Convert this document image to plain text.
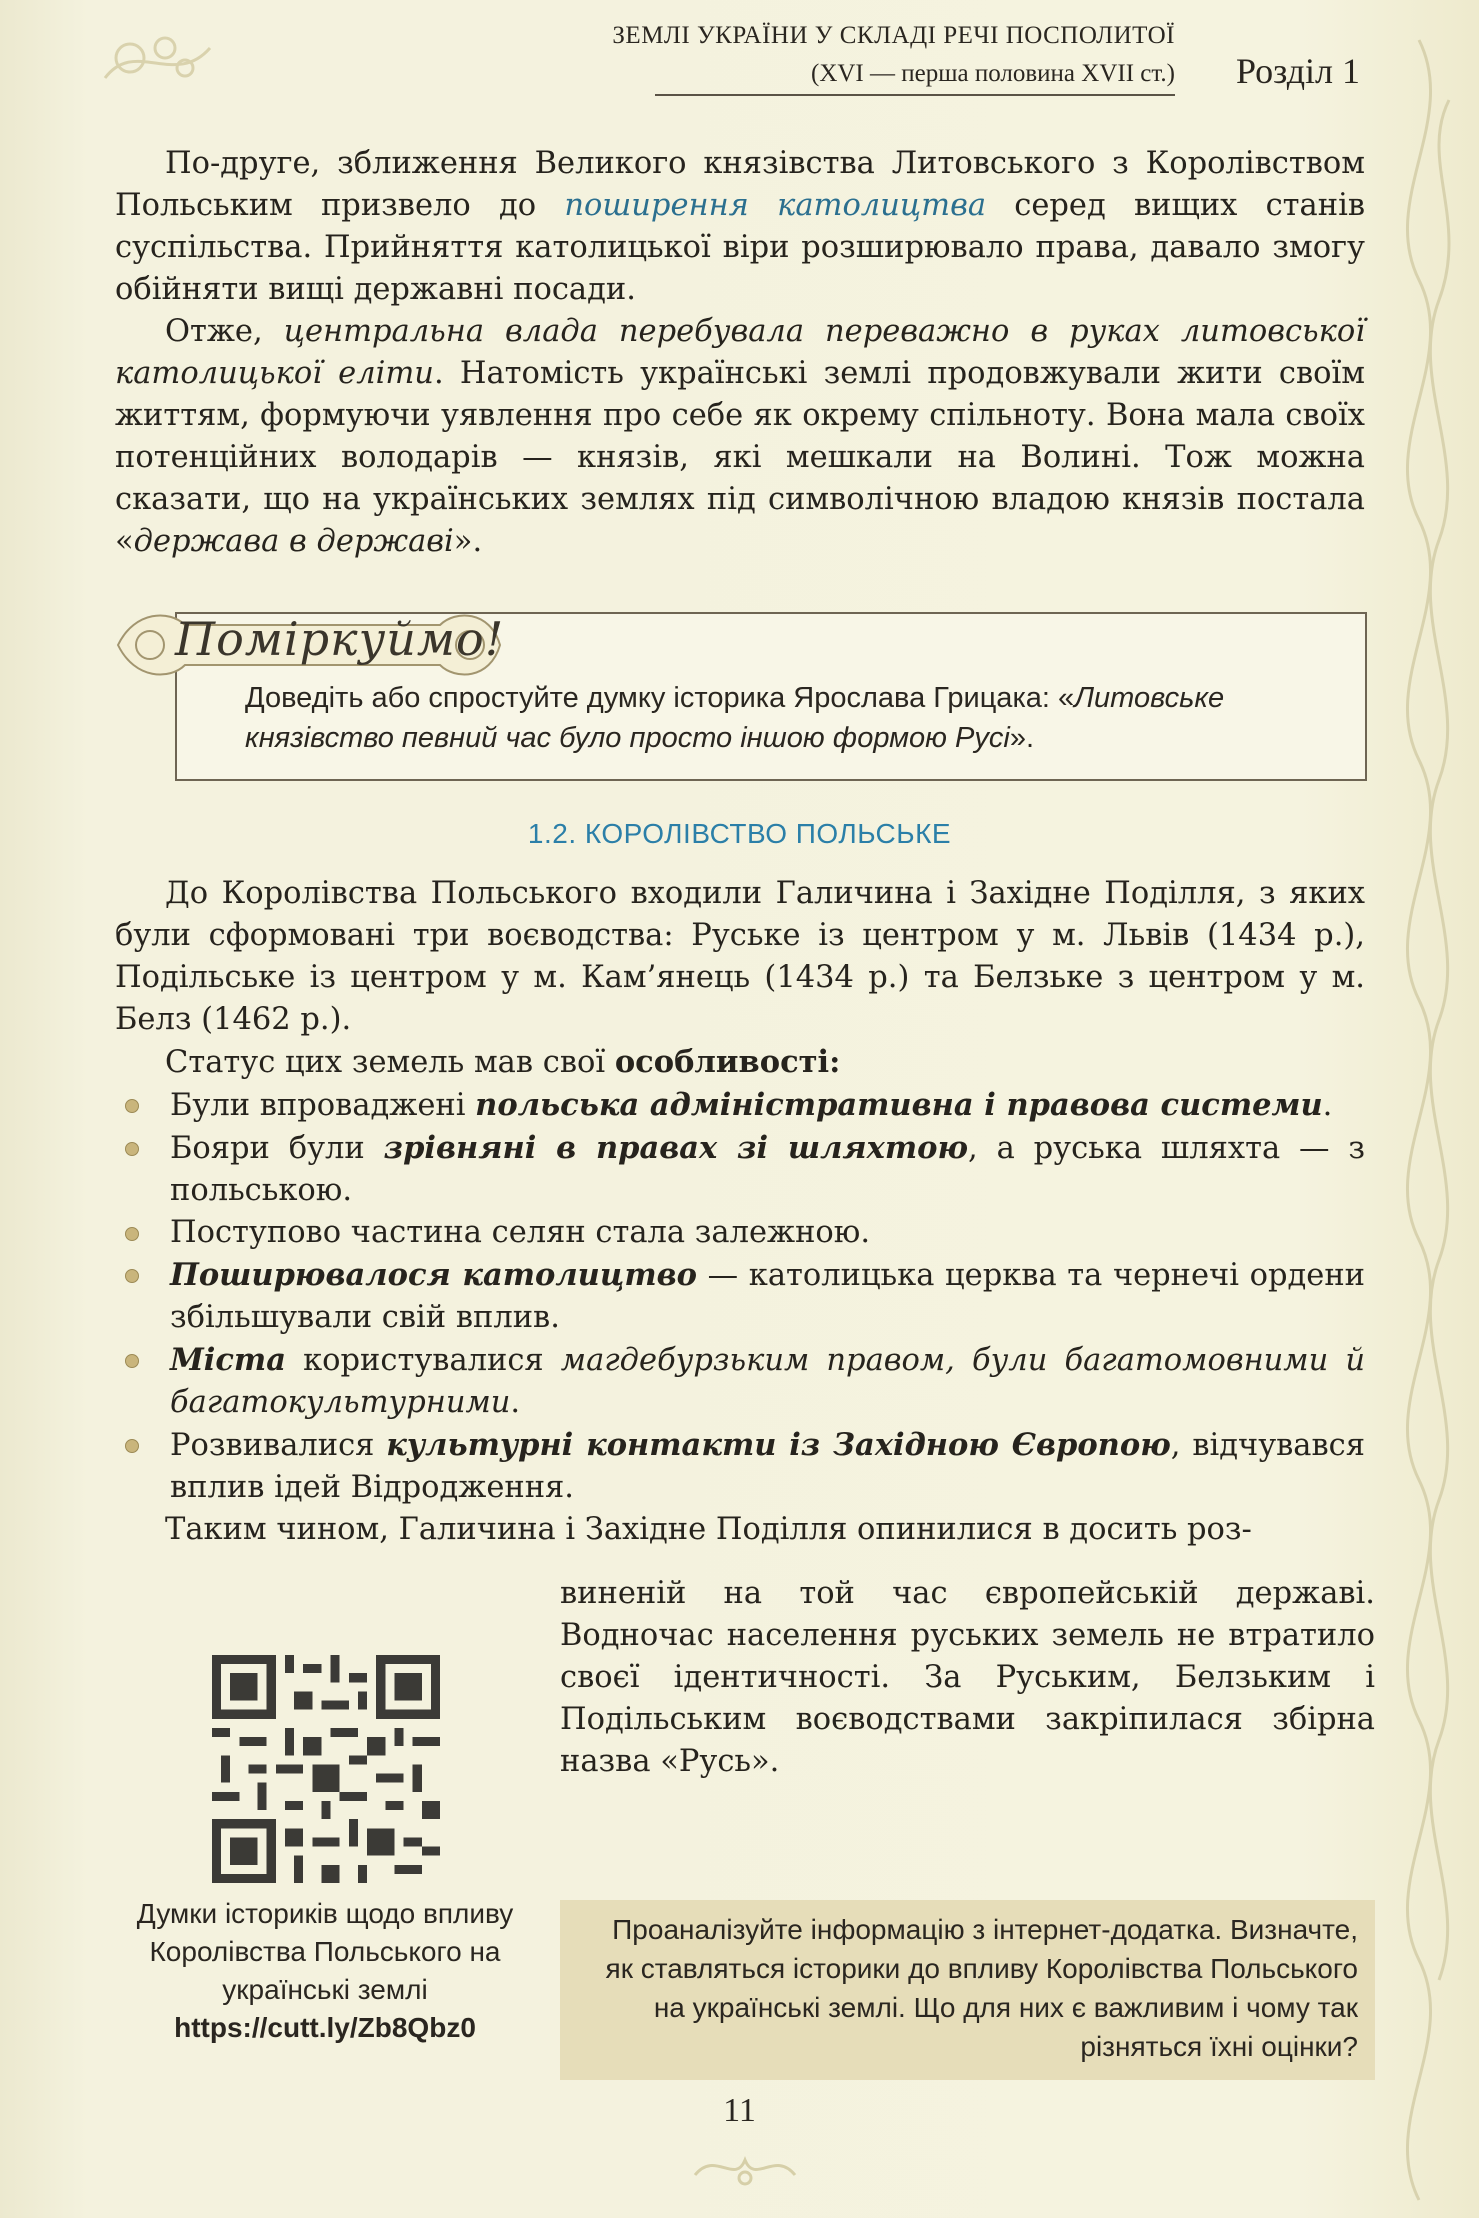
ЗЕМЛІ УКРАЇНИ У СКЛАДІ РЕЧІ ПОСПОЛИТОЇ
(XVI — перша половина XVII ст.) Розділ 1

По-друге, зближення Великого князівства Литовського з Королівством Польським призвело до поширення католицтва серед вищих станів суспільства. Прийняття католицької віри розширювало права, давало змогу обійняти вищі державні посади.

Отже, центральна влада перебувала переважно в руках литовської католицької еліти. Натомість українські землі продовжували жити своїм життям, формуючи уявлення про себе як окрему спільноту. Вона мала своїх потенційних володарів — князів, які мешкали на Волині. Тож можна сказати, що на українських землях під символічною владою князів постала «держава в державі».

Поміркуймо!
Доведіть або спростуйте думку історика Ярослава Грицака: «Литовське князівство певний час було просто іншою формою Русі».
1.2. КОРОЛІВСТВО ПОЛЬСЬКЕ

До Королівства Польського входили Галичина і Західне Поділля, з яких були сформовані три воєводства: Руське із центром у м. Львів (1434 р.), Подільське із центром у м. Кам’янець (1434 р.) та Белзьке з центром у м. Белз (1462 р.).

Статус цих земель мав свої особливості:

Були впроваджені польська адміністративна і правова системи.
Бояри були зрівняні в правах зі шляхтою, а руська шляхта — з польською.
Поступово частина селян стала залежною.
Поширювалося католицтво — католицька церква та чернечі ордени збільшували свій вплив.
Міста користувалися магдебурзьким правом, були багатомовними й багатокультурними.
Розвивалися культурні контакти із Західною Європою, відчувався вплив ідей Відродження.

Таким чином, Галичина і Західне Поділля опинилися в досить роз-

виненій на той час європейській державі. Водночас населення руських земель не втратило своєї ідентичності. За Руським, Белзьким і Подільським воєводствами закріпилася збірна назва «Русь».

Думки істориків щодо впливу Королівства Польського на українські землі
https://cutt.ly/Zb8Qbz0
Проаналізуйте інформацію з інтернет-додатка. Визначте, як ставляться історики до впливу Королівства Польського на українські землі. Що для них є важливим і чому так різняться їхні оцінки?
11
